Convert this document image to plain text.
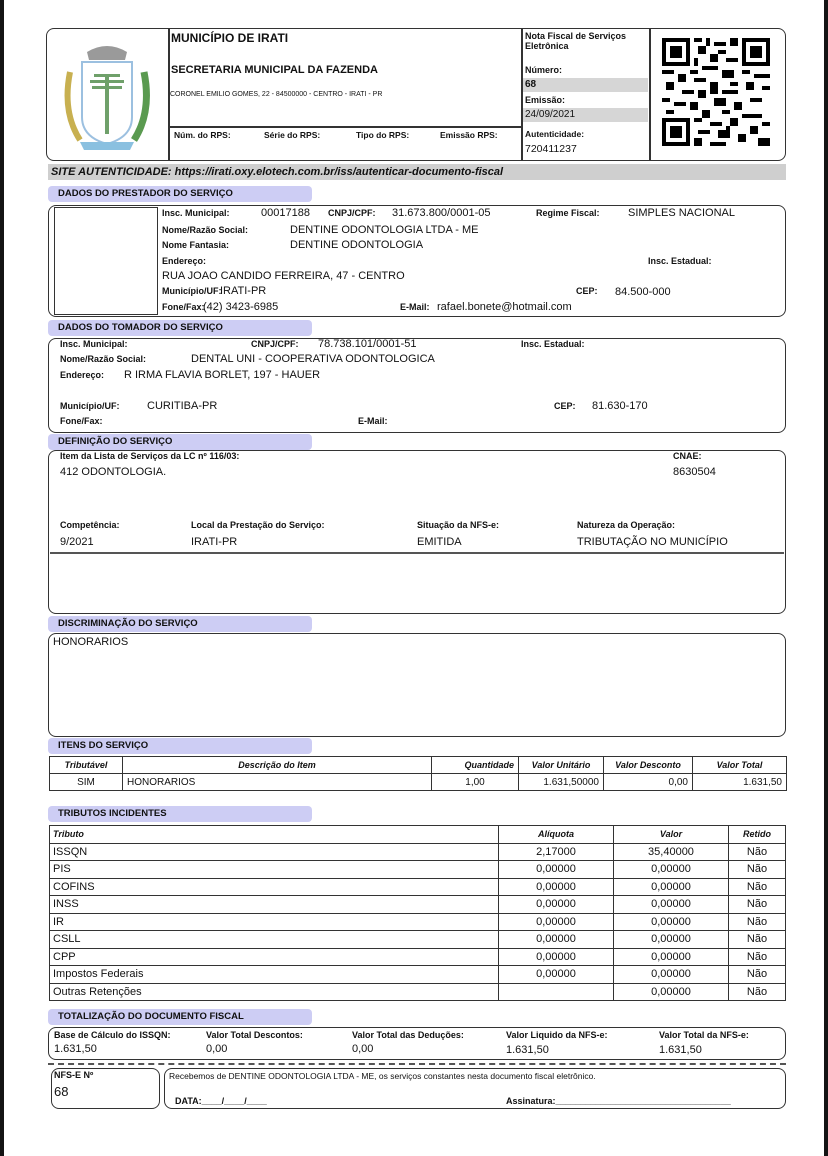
MUNICÍPIO DE IRATI
SECRETARIA MUNICIPAL DA FAZENDA
CORONEL EMILIO GOMES, 22 - 84500000 - CENTRO - IRATI - PR
Núm. do RPS:	Série do RPS:	Tipo do RPS:	Emissão RPS:
Nota Fiscal de Serviços Eletrônica
Número:
68
Emissão:
24/09/2021
Autenticidade:
720411237
SITE AUTENTICIDADE: https://irati.oxy.elotech.com.br/iss/autenticar-documento-fiscal
DADOS DO PRESTADOR DO SERVIÇO
Insc. Municipal:	00017188 CNPJ/CPF: 31.673.800/0001-05	Regime Fiscal:	SIMPLES NACIONAL
Nome/Razão Social:	DENTINE ODONTOLOGIA LTDA - ME
Nome Fantasia:	DENTINE ODONTOLOGIA
Endereço:	Insc. Estadual:
RUA JOAO CANDIDO FERREIRA, 47 - CENTRO
Município/UF:
IRATI-PR	CEP: 84.500-000
Fone/Fax:
(42) 3423-6985	E-Mail: rafael.bonete@hotmail.com
DADOS DO TOMADOR DO SERVIÇO
Insc. Municipal:	CNPJ/CPF: 78.738.101/0001-51	Insc. Estadual:
Nome/Razão Social:	DENTAL UNI - COOPERATIVA ODONTOLOGICA
Endereço: R IRMA FLAVIA BORLET, 197 - HAUER
Município/UF:	CURITIBA-PR	CEP: 81.630-170
Fone/Fax:	E-Mail:
DEFINIÇÃO DO SERVIÇO
Item da Lista de Serviços da LC nº 116/03:
412 ODONTOLOGIA.
CNAE:
8630504
Competência:
9/2021
Local da Prestação do Serviço:
IRATI-PR
Situação da NFS-e:
EMITIDA
Natureza da Operação:
TRIBUTAÇÃO NO MUNICÍPIO
DISCRIMINAÇÃO DO SERVIÇO
HONORARIOS
ITENS DO SERVIÇO
Tributável	Descrição do Item	Quantidade	Valor Unitário	Valor Desconto	Valor Total
SIM	HONORARIOS	1,00	1.631,50000	0,00	1.631,50
TRIBUTOS INCIDENTES
Tributo	Alíquota	Valor	Retido
ISSQN	2,17000	35,40000	Não
PIS	0,00000	0,00000	Não
COFINS	0,00000	0,00000	Não
INSS	0,00000	0,00000	Não
IR	0,00000	0,00000	Não
CSLL	0,00000	0,00000	Não
CPP	0,00000	0,00000	Não
Impostos Federais	0,00000	0,00000	Não
Outras Retenções		0,00000	Não
TOTALIZAÇÃO DO DOCUMENTO FISCAL
Base de Cálculo do ISSQN:
1.631,50
Valor Total Descontos:
0,00
Valor Total das Deduções:
0,00
Valor Liquido da NFS-e:
1.631,50
Valor Total da NFS-e:
1.631,50
NFS-E Nº
68
Recebemos de DENTINE ODONTOLOGIA LTDA - ME, os serviços constantes nesta documento fiscal eletrônico.
DATA:____/____/____	Assinatura:___________________________________
